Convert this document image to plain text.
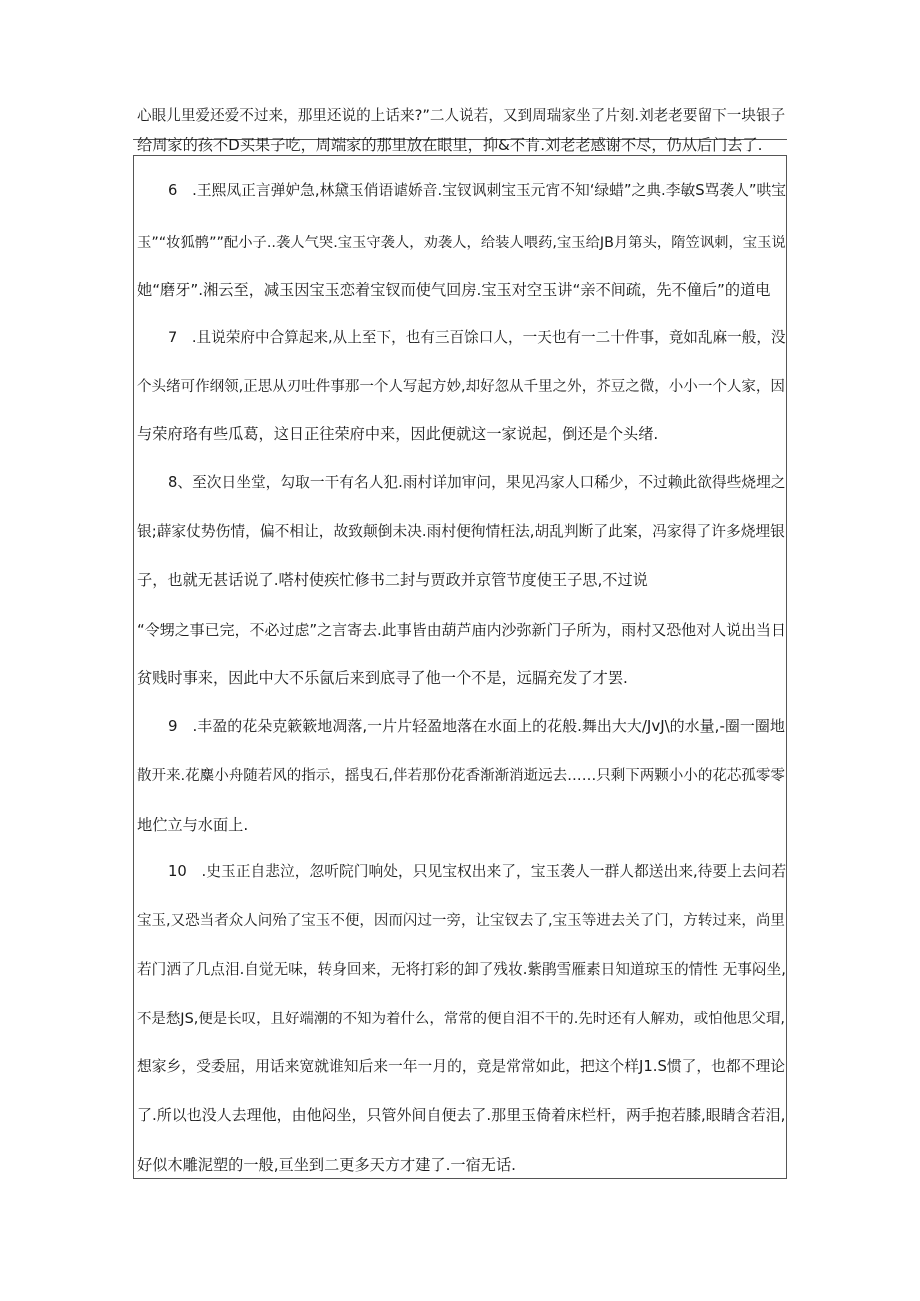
心眼儿里爱还爱不过来，那里还说的上话来?”二人说若，又到周瑞家坐了片刻.刘老老要留下一块银子

给周家的孩不D买果子吃，周端家的那里放在眼里，抑&不肯.刘老老感谢不尽，仍从后门去了.

6　.王熙凤正言弹妒急,林黛玉俏语谑娇音.宝钗讽刺宝玉元宵不知‘绿蜡”之典.李敏S骂袭人”哄宝

玉”“妆狐鹘””配小子..袭人气哭.宝玉守袭人，劝袭人，给装人喂药,宝玉给JB月第头，隋笠讽刺，宝玉说

她“磨牙”.湘云至，减玉因宝玉恋着宝钗而使气回房.宝玉对空玉讲“亲不间疏，先不僮后”的道电

7　.且说荣府中合算起来,从上至下，也有三百馀口人，一天也有一二十件事，竟如乱麻一般，没

个头绪可作纲领,正思从刃吐件事那一个人写起方妙,却好忽从千里之外，芥豆之微，小小一个人家，因

与荣府珞有些瓜葛，这日正往荣府中来，因此便就这一家说起，倒还是个头绪.

8、至次日坐堂，勾取一干有名人犯.雨村详加审问，果见冯家人口稀少，不过赖此欲得些烧埋之

银;薜家仗势伤情，偏不相让，故致颠倒未决.雨村便徇情枉法,胡乱判断了此案，冯家得了许多烧埋银

子，也就无甚话说了.嗒村使疾忙修书二封与贾政并京管节度使王子思,不过说

“令甥之事已完，不必过虑”之言寄去.此事皆由葫芦庙内沙弥新门子所为，雨村又恐他对人说出当日

贫贱时事来，因此中大不乐氤后来到底寻了他一个不是，远膈充发了才罢.

9　.丰盈的花朵克簌簌地凋落,一片片轻盈地落在水面上的花般.舞出大大/JvJ\的水量,-圈一圈地

散开来.花麋小舟随若风的指示，摇曳石,伴若那份花香渐渐消逝远去……只剩下两颗小小的花芯孤零零

地伫立与水面上.

10　.史玉正自悲泣，忽听院门响处，只见宝权出来了，宝玉袭人一群人都送出来,待要上去问若

宝玉,又恐当者众人问殆了宝玉不便，因而闪过一旁，让宝钗去了,宝玉等进去关了门，方转过来，尚里

若门洒了几点泪.自觉无味，转身回来，无将打彩的卸了残妆.紫鹃雪雁素日知道琼玉的情性 无事闷坐,

不是愁JS,便是长叹，且好端潮的不知为着什么，常常的便自泪不干的.先时还有人解劝，或怕他思父瑁,

想家乡，受委屈，用话来宽就谁知后来一年一月的，竟是常常如此，把这个样J1.S惯了，也都不理论

了.所以也没人去理他，由他闷坐，只管外间自便去了.那里玉倚着床栏杆，两手抱若膝,眼睛含若泪,

好似木雕泥塑的一般,亘坐到二更多天方才建了.一宿无话.
